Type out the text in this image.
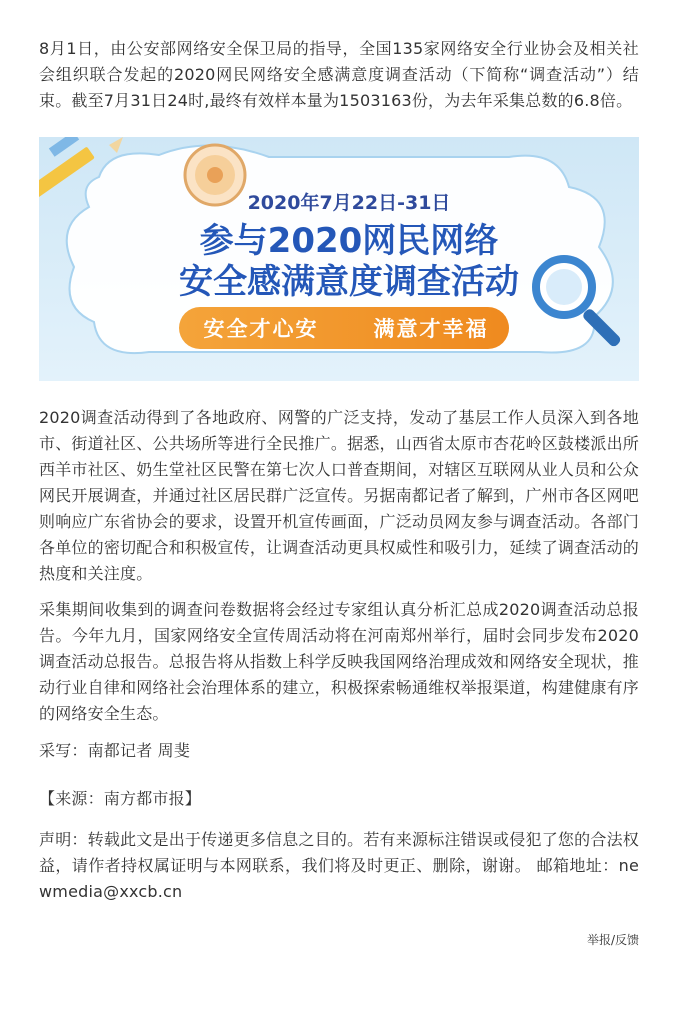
8月1日，由公安部网络安全保卫局的指导，全国135家网络安全行业协会及相关社会组织联合发起的2020网民网络安全感满意度调查活动（下简称“调查活动”）结束。截至7月31日24时,最终有效样本量为1503163份，为去年采集总数的6.8倍。

2020年7月22日-31日
参与2020网民网络
安全感满意度调查活动
安全才心安	满意才幸福

2020调查活动得到了各地政府、网警的广泛支持，发动了基层工作人员深入到各地市、街道社区、公共场所等进行全民推广。据悉，山西省太原市杏花岭区鼓楼派出所西羊市社区、奶生堂社区民警在第七次人口普查期间，对辖区互联网从业人员和公众网民开展调查，并通过社区居民群广泛宣传。另据南都记者了解到，广州市各区网吧则响应广东省协会的要求，设置开机宣传画面，广泛动员网友参与调查活动。各部门各单位的密切配合和积极宣传，让调查活动更具权威性和吸引力，延续了调查活动的热度和关注度。

采集期间收集到的调查问卷数据将会经过专家组认真分析汇总成2020调查活动总报告。今年九月，国家网络安全宣传周活动将在河南郑州举行，届时会同步发布2020调查活动总报告。总报告将从指数上科学反映我国网络治理成效和网络安全现状，推动行业自律和网络社会治理体系的建立，积极探索畅通维权举报渠道，构建健康有序的网络安全生态。

采写：南都记者 周斐

【来源：南方都市报】

声明：转载此文是出于传递更多信息之目的。若有来源标注错误或侵犯了您的合法权益，请作者持权属证明与本网联系，我们将及时更正、删除，谢谢。 邮箱地址：newmedia@xxcb.cn

举报/反馈
